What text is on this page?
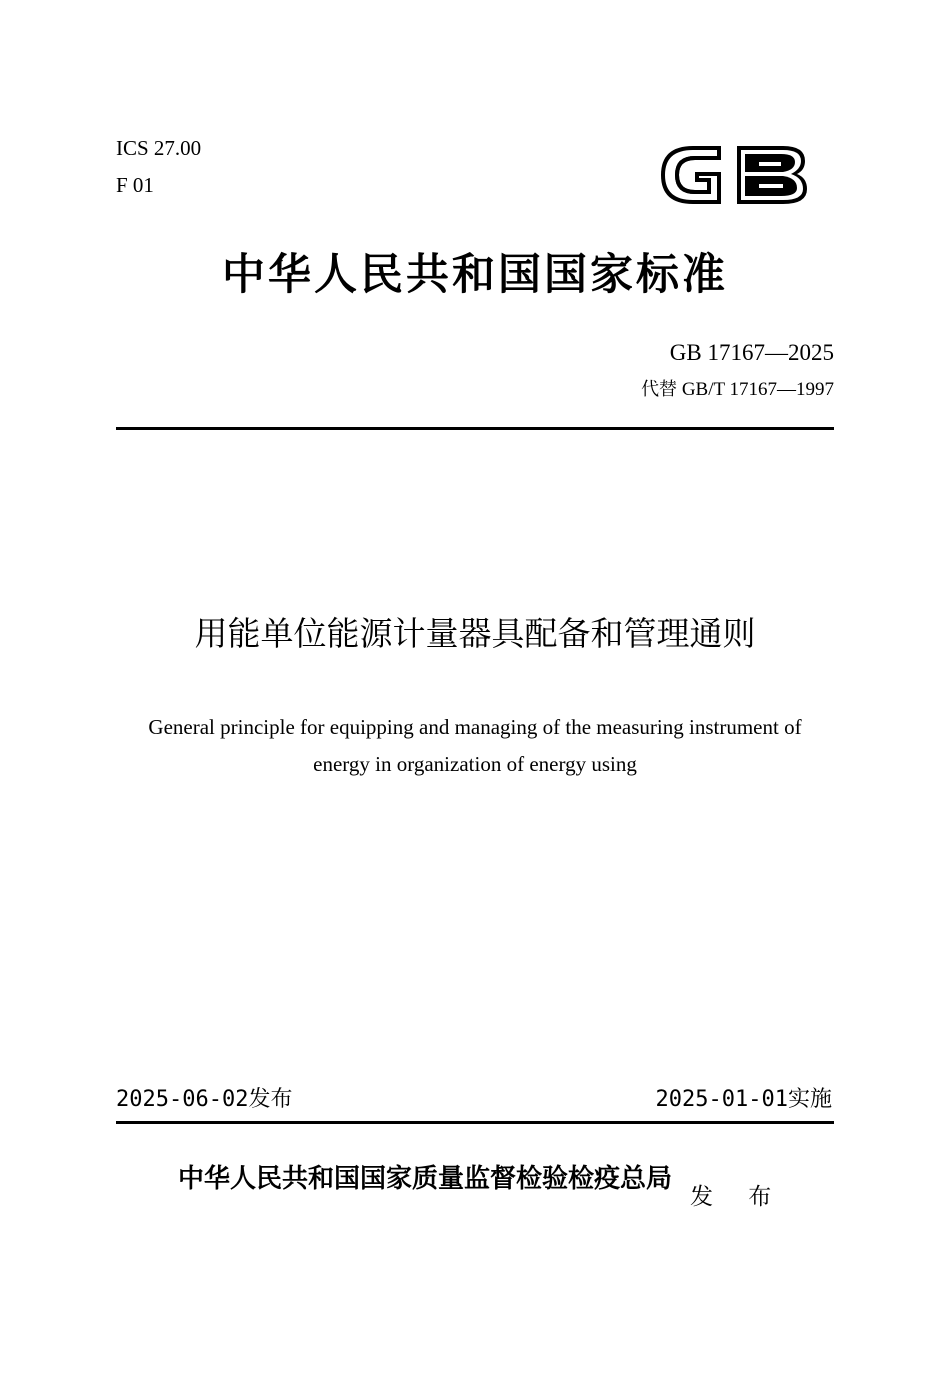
ICS 27.00
F 01
中华人民共和国国家标准
GB 17167—2025
代替 GB/T 17167—1997
用能单位能源计量器具配备和管理通则
General principle for equipping and managing of the measuring instrument of
energy in organization of energy using
2025-06-02发布	2025-01-01实施
中华人民共和国国家质量监督检验检疫总局
发 布
